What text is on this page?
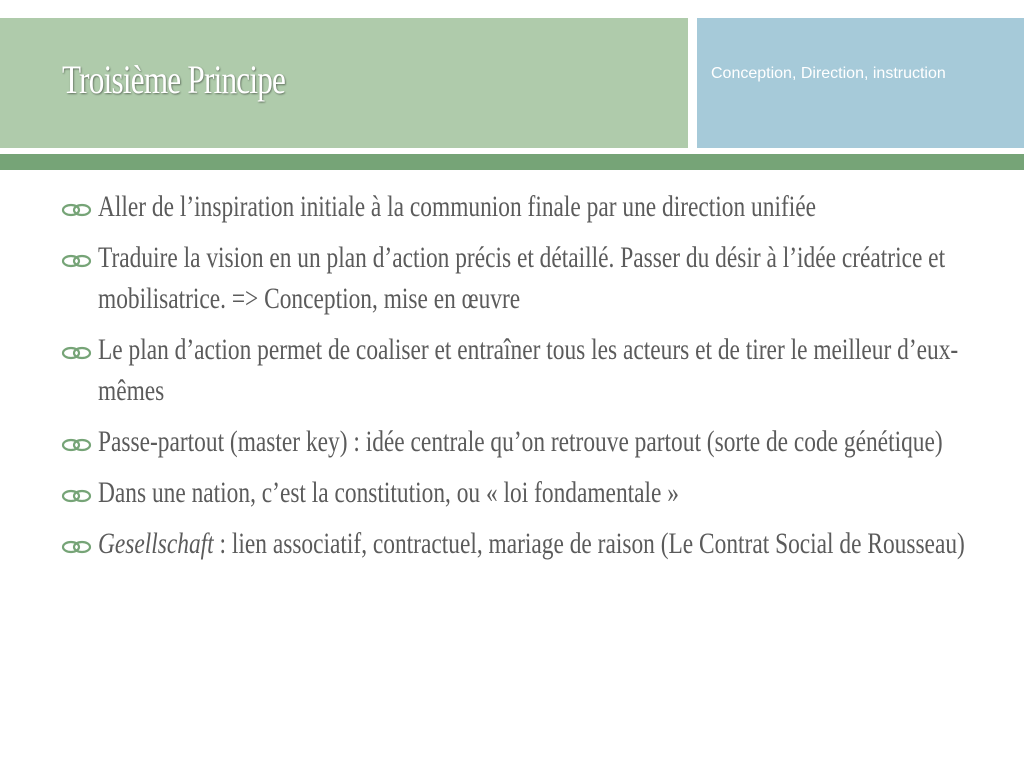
Troisième Principe	Conception, Direction, instruction
Aller de l’inspiration initiale à la communion finale par une direction unifiée
Traduire la vision en un plan d’action précis et détaillé. Passer du désir à l’idée créatrice et mobilisatrice. => Conception, mise en œuvre
Le plan d’action permet de coaliser et entraîner tous les acteurs et de tirer le meilleur d’eux-mêmes
Passe-partout (master key) : idée centrale qu’on retrouve partout (sorte de code génétique)
Dans une nation, c’est la constitution, ou « loi fondamentale »
Gesellschaft : lien associatif, contractuel, mariage de raison (Le Contrat Social de Rousseau)
